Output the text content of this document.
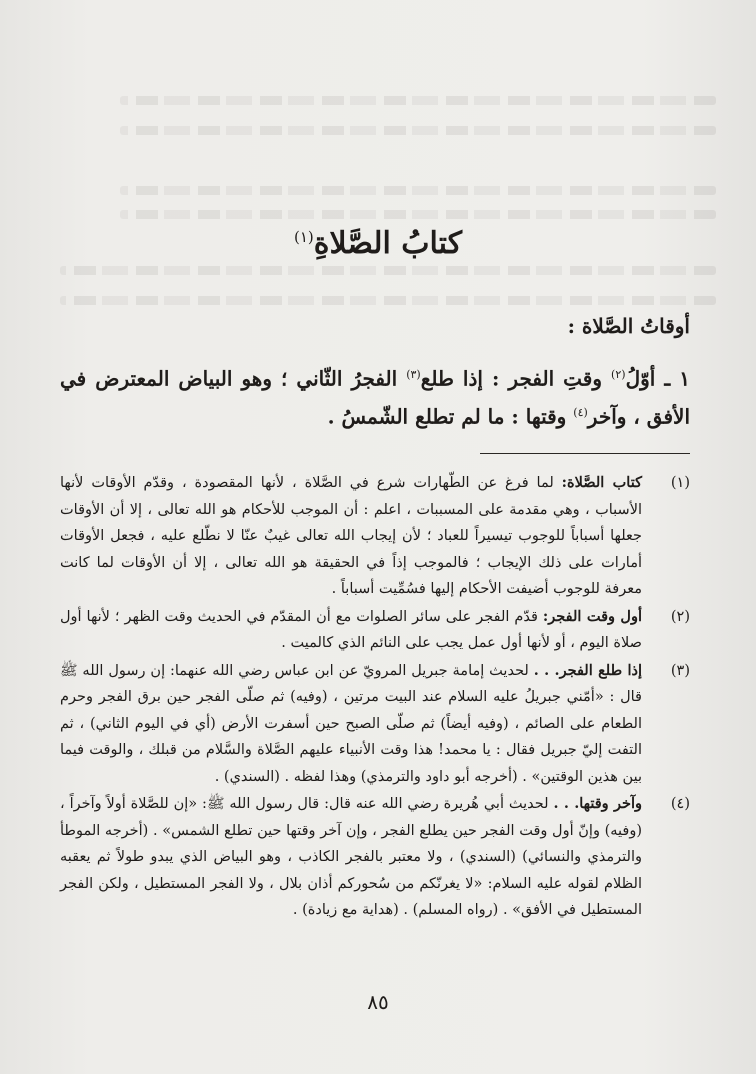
كتابُ الصَّلاةِ$^{(١)}$
أوقاتُ الصَّلاة :

١ ـ أوّلُ$^{(٢)}$ وقتِ الفجر : إذا طلع$^{(٣)}$ الفجرُ الثّاني ؛ وهو البياض المعترض في الأفق ، وآخر$^{(٤)}$ وقتها : ما لم تطلع الشّمسُ .

(١)
كتاب الصَّلاة: لما فرغ عن الطّهارات شرع في الصَّلاة ، لأنها المقصودة ، وقدّم الأوقات لأنها الأسباب ، وهي مقدمة على المسببات ، اعلم : أن الموجب للأحكام هو الله تعالى ، إلا أن الأوقات جعلها أسباباً للوجوب تيسيراً للعباد ؛ لأن إيجاب الله تعالى غيبٌ عنّا لا نطّلع عليه ، فجعل الأوقات أمارات على ذلك الإيجاب ؛ فالموجب إذاً في الحقيقة هو الله تعالى ، إلا أن الأوقات لما كانت معرفة للوجوب أضيفت الأحكام إليها فسُمِّيت أسباباً .
(٢)
أول وقت الفجر: قدّم الفجر على سائر الصلوات مع أن المقدّم في الحديث وقت الظهر ؛ لأنها أول صلاة اليوم ، أو لأنها أول عمل يجب على النائم الذي كالميت .
(٣)
إذا طلع الفجر. . . لحديث إمامة جبريل المرويّ عن ابن عباس رضي الله عنهما: إن رسول الله ﷺ قال : «أمّني جبريلُ عليه السلام عند البيت مرتين ، (وفيه) ثم صلّى الفجر حين برق الفجر وحرم الطعام على الصائم ، (وفيه أيضاً) ثم صلّى الصبح حين أسفرت الأرض (أي في اليوم الثاني) ، ثم التفت إليّ جبريل فقال : يا محمد! هذا وقت الأنبياء عليهم الصَّلاة والسَّلام من قبلك ، والوقت فيما بين هذين الوقتين» . (أخرجه أبو داود والترمذي) وهذا لفظه . (السندي) .
(٤)
وآخر وقتها. . . لحديث أبي هُريرة رضي الله عنه قال: قال رسول الله ﷺ: «إن للصَّلاة أولاً وآخراً ، (وفيه) وإنّ أول وقت الفجر حين يطلع الفجر ، وإن آخر وقتها حين تطلع الشمس» . (أخرجه الموطأ والترمذي والنسائي) (السندي) ، ولا معتبر بالفجر الكاذب ، وهو البياض الذي يبدو طولاً ثم يعقبه الظلام لقوله عليه السلام: «لا يغرنّكم من سُحوركم أذان بلال ، ولا الفجر المستطيل ، ولكن الفجر المستطيل في الأفق» . (رواه المسلم) . (هداية مع زيادة) .
٨٥
